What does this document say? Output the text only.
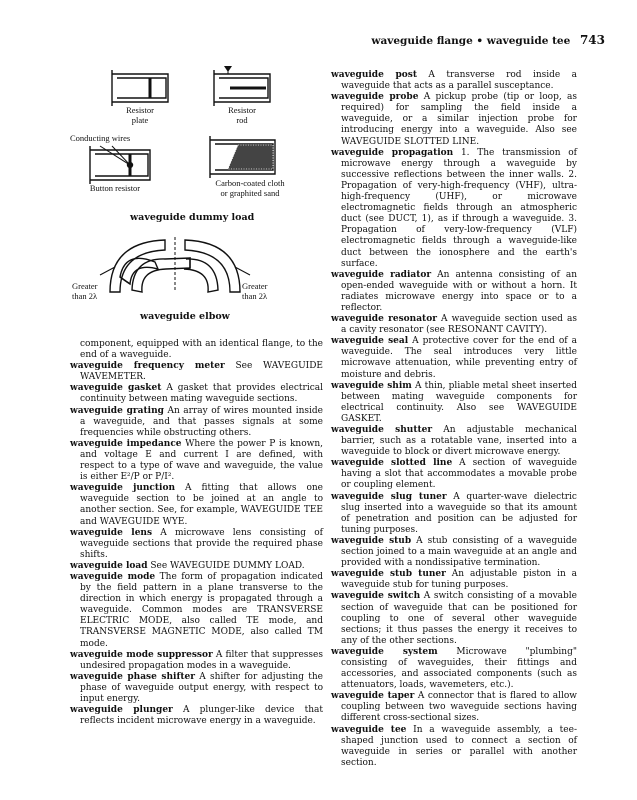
waveguide flange • waveguide tee 743
Resistor
plate
Resistor
rod
Conducting wires
Button resistor	Carbon-coated cloth
or graphited sand
waveguide dummy load
Greater
than 2λ
Greater
than 2λ
waveguide elbow

component, equipped with an identical flange, to the end of a waveguide.

waveguide frequency meter See WAVEGUIDE WAVEMETER.

waveguide gasket A gasket that provides electrical continuity between mating waveguide sections.

waveguide grating An array of wires mounted inside a waveguide, and that passes signals at some frequencies while obstructing others.

waveguide impedance Where the power P is known, and voltage E and current I are defined, with respect to a type of wave and waveguide, the value is either E²/P or P/I².

waveguide junction A fitting that allows one waveguide section to be joined at an angle to another section. See, for example, WAVEGUIDE TEE and WAVEGUIDE WYE.

waveguide lens A microwave lens consisting of waveguide sections that provide the required phase shifts.

waveguide load See WAVEGUIDE DUMMY LOAD.

waveguide mode The form of propagation indicated by the field pattern in a plane transverse to the direction in which energy is propagated through a waveguide. Common modes are TRANSVERSE ELECTRIC MODE, also called TE mode, and TRANSVERSE MAGNETIC MODE, also called TM mode.

waveguide mode suppressor A filter that suppresses undesired propagation modes in a waveguide.

waveguide phase shifter A shifter for adjusting the phase of waveguide output energy, with respect to input energy.

waveguide plunger A plunger-like device that reflects incident microwave energy in a waveguide.

waveguide post A transverse rod inside a waveguide that acts as a parallel susceptance.

waveguide probe A pickup probe (tip or loop, as required) for sampling the field inside a waveguide, or a similar injection probe for introducing energy into a waveguide. Also see WAVEGUIDE SLOTTED LINE.

waveguide propagation 1. The transmission of microwave energy through a waveguide by successive reflections between the inner walls. 2. Propagation of very-high-frequency (VHF), ultra-high-frequency (UHF), or microwave electromagnetic fields through an atmospheric duct (see DUCT, 1), as if through a waveguide. 3. Propagation of very-low-frequency (VLF) electromagnetic fields through a waveguide-like duct between the ionosphere and the earth's surface.

waveguide radiator An antenna consisting of an open-ended waveguide with or without a horn. It radiates microwave energy into space or to a reflector.

waveguide resonator A waveguide section used as a cavity resonator (see RESONANT CAVITY).

waveguide seal A protective cover for the end of a waveguide. The seal introduces very little microwave attenuation, while preventing entry of moisture and debris.

waveguide shim A thin, pliable metal sheet inserted between mating waveguide components for electrical continuity. Also see WAVEGUIDE GASKET.

waveguide shutter An adjustable mechanical barrier, such as a rotatable vane, inserted into a waveguide to block or divert microwave energy.

waveguide slotted line A section of waveguide having a slot that accommodates a movable probe or coupling element.

waveguide slug tuner A quarter-wave dielectric slug inserted into a waveguide so that its amount of penetration and position can be adjusted for tuning purposes.

waveguide stub A stub consisting of a waveguide section joined to a main waveguide at an angle and provided with a nondissipative termination.

waveguide stub tuner An adjustable piston in a waveguide stub for tuning purposes.

waveguide switch A switch consisting of a movable section of waveguide that can be positioned for coupling to one of several other waveguide sections; it thus passes the energy it receives to any of the other sections.

waveguide system Microwave "plumbing" consisting of waveguides, their fittings and accessories, and associated components (such as attenuators, loads, wavemeters, etc.).

waveguide taper A connector that is flared to allow coupling between two waveguide sections having different cross-sectional sizes.

waveguide tee In a waveguide assembly, a tee-shaped junction used to connect a section of waveguide in series or parallel with another section.
